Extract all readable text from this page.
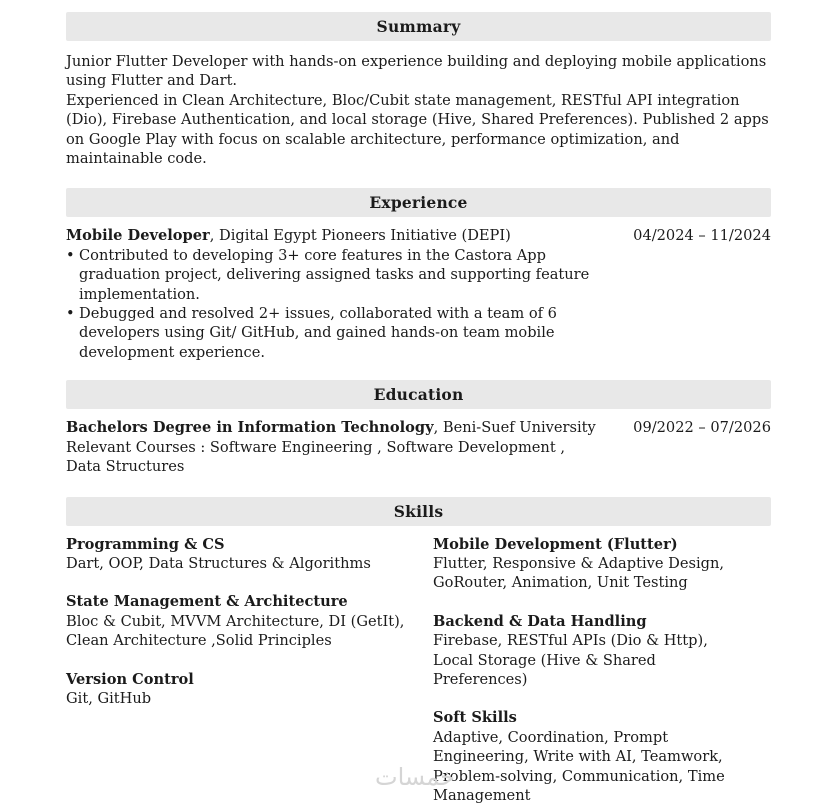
Summary

Junior Flutter Developer with hands-on experience building and deploying mobile applications using Flutter and Dart.

Experienced in Clean Architecture, Bloc/Cubit state management, RESTful API integration (Dio), Firebase Authentication, and local storage (Hive, Shared Preferences). Published 2 apps on Google Play with focus on scalable architecture, performance optimization, and maintainable code.

Experience
Mobile Developer, Digital Egypt Pioneers Initiative (DEPI)	04/2024 – 11/2024
• Contributed to developing 3+ core features in the Castora App graduation project, delivering assigned tasks and supporting feature implementation.
• Debugged and resolved 2+ issues, collaborated with a team of 6 developers using Git/ GitHub, and gained hands-on team mobile development experience.
Education
Bachelors Degree in Information Technology, Beni-Suef University	09/2022 – 07/2026
Relevant Courses : Software Engineering , Software Development , Data Structures
Skills
Programming & CS
Dart, OOP, Data Structures & Algorithms
State Management & Architecture
Bloc & Cubit, MVVM Architecture, DI (GetIt), Clean Architecture ,Solid Principles
Version Control
Git, GitHub
Mobile Development (Flutter)
Flutter, Responsive & Adaptive Design, GoRouter, Animation, Unit Testing
Backend & Data Handling
Firebase, RESTful APIs (Dio & Http), Local Storage (Hive & Shared Preferences)
Soft Skills
Adaptive, Coordination, Prompt Engineering, Write with AI, Teamwork, Problem-solving, Communication, Time Management
خمسات
